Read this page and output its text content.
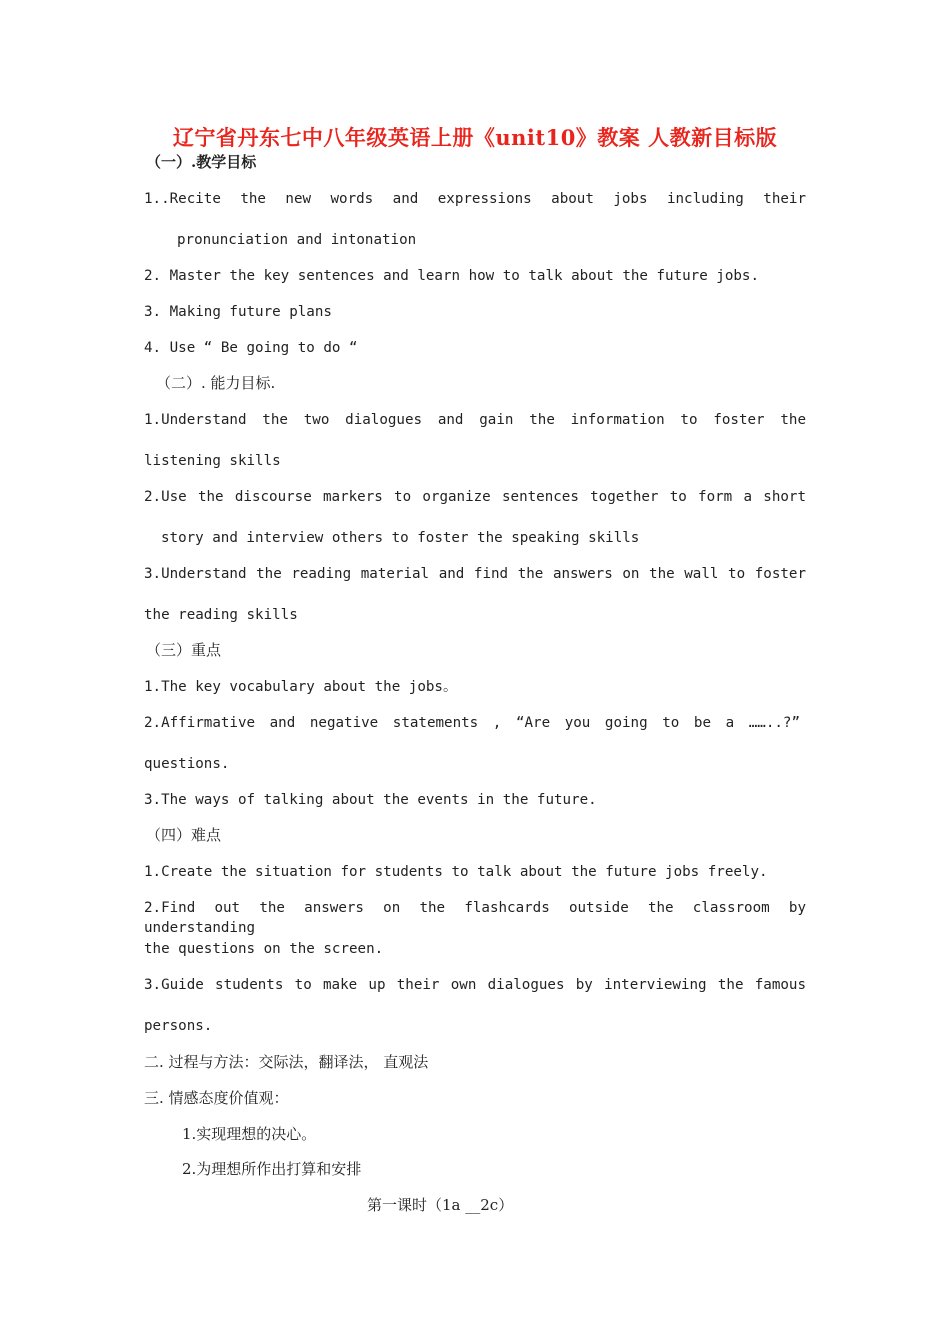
辽宁省丹东七中八年级英语上册《unit10》教案 人教新目标版
（一）.教学目标
1..Recite the new words and expressions about jobs including their
pronunciation and intonation
2. Master the key sentences and learn how to talk about the future jobs.
3. Making future plans
4. Use “ Be going to do “
（二）. 能力目标.
1.Understand the two dialogues and gain the information to foster the
listening skills
2.Use the discourse markers to organize sentences together to form a short
story and interview others to foster the speaking skills
3.Understand the reading material and find the answers on the wall to foster
the reading skills
（三）重点
1.The key vocabulary about the jobs。
2.Affirmative and negative statements , “Are you going to be a ……..?”
questions.
3.The ways of talking about the events in the future.
（四）难点
1.Create the situation for students to talk about the future jobs freely.
2.Find out the answers on the flashcards outside the classroom by understanding
the questions on the screen.
3.Guide students to make up their own dialogues by interviewing the famous
persons.
二. 过程与方法：交际法，翻译法， 直观法
三. 情感态度价值观：
1.实现理想的决心。
2.为理想所作出打算和安排
第一课时（1a __2c）
